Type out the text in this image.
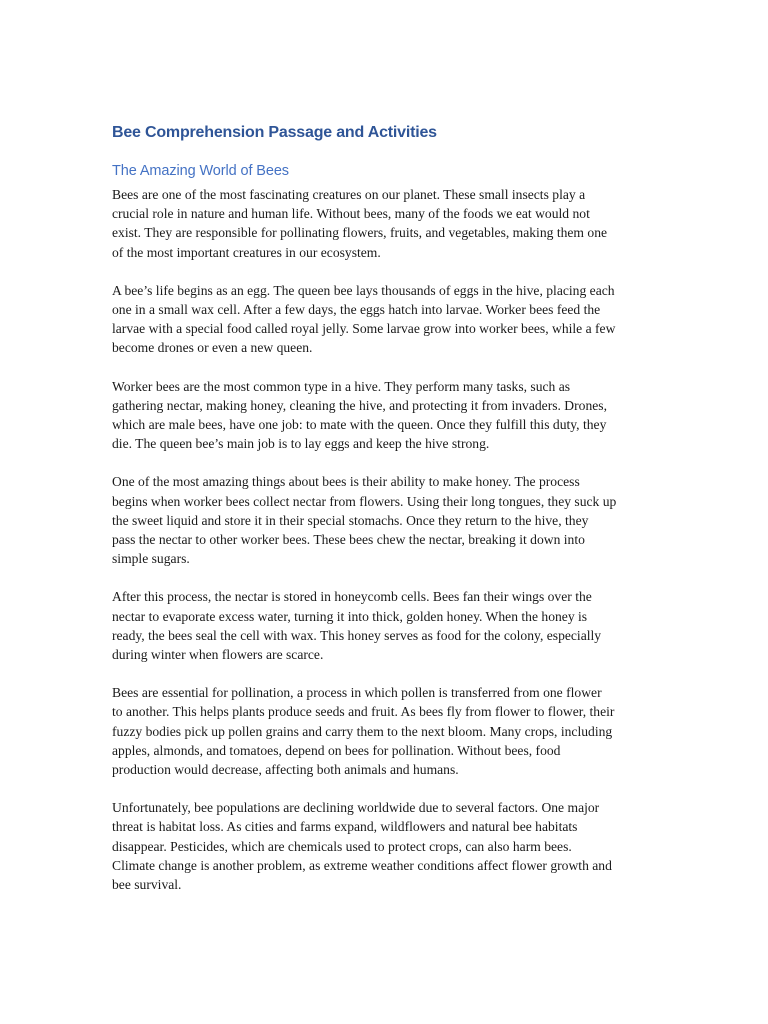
Bee Comprehension Passage and Activities
The Amazing World of Bees

Bees are one of the most fascinating creatures on our planet. These small insects play a
crucial role in nature and human life. Without bees, many of the foods we eat would not
exist. They are responsible for pollinating flowers, fruits, and vegetables, making them one
of the most important creatures in our ecosystem.

A bee’s life begins as an egg. The queen bee lays thousands of eggs in the hive, placing each
one in a small wax cell. After a few days, the eggs hatch into larvae. Worker bees feed the
larvae with a special food called royal jelly. Some larvae grow into worker bees, while a few
become drones or even a new queen.

Worker bees are the most common type in a hive. They perform many tasks, such as
gathering nectar, making honey, cleaning the hive, and protecting it from invaders. Drones,
which are male bees, have one job: to mate with the queen. Once they fulfill this duty, they
die. The queen bee’s main job is to lay eggs and keep the hive strong.

One of the most amazing things about bees is their ability to make honey. The process
begins when worker bees collect nectar from flowers. Using their long tongues, they suck up
the sweet liquid and store it in their special stomachs. Once they return to the hive, they
pass the nectar to other worker bees. These bees chew the nectar, breaking it down into
simple sugars.

After this process, the nectar is stored in honeycomb cells. Bees fan their wings over the
nectar to evaporate excess water, turning it into thick, golden honey. When the honey is
ready, the bees seal the cell with wax. This honey serves as food for the colony, especially
during winter when flowers are scarce.

Bees are essential for pollination, a process in which pollen is transferred from one flower
to another. This helps plants produce seeds and fruit. As bees fly from flower to flower, their
fuzzy bodies pick up pollen grains and carry them to the next bloom. Many crops, including
apples, almonds, and tomatoes, depend on bees for pollination. Without bees, food
production would decrease, affecting both animals and humans.

Unfortunately, bee populations are declining worldwide due to several factors. One major
threat is habitat loss. As cities and farms expand, wildflowers and natural bee habitats
disappear. Pesticides, which are chemicals used to protect crops, can also harm bees.
Climate change is another problem, as extreme weather conditions affect flower growth and
bee survival.
